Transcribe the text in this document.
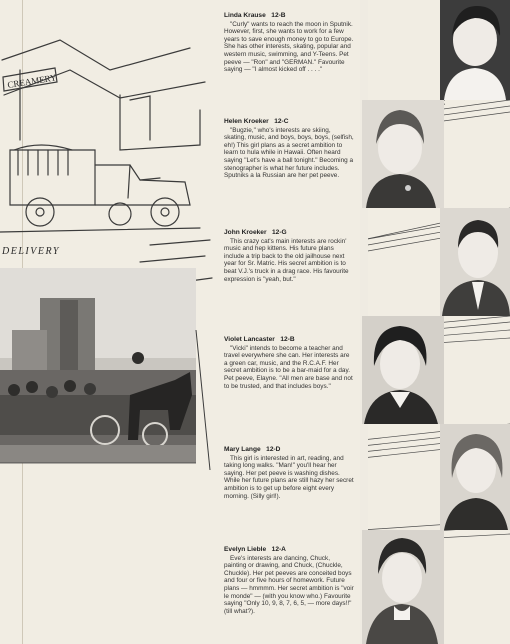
CREAMERY
DELIVERY
Linda Krause 12-B
"Curly" wants to reach the moon in Sputnik. However, first, she wants to work for a few years to save enough money to go to Europe. She has other interests, skating, popular and western music, swimming, and Y-Teens. Pet peeve — "Ron" and "GERMAN." Favourite saying — "I almost kicked off . . . ."
Helen Kroeker 12-C
"Bugzie," who's interests are skiing, skating, music, and boys, boys, boys, (selfish, eh!) This girl plans as a secret ambition to learn to hula while in Hawaii. Often heard saying "Let's have a ball tonight." Becoming a stenographer is what her future includes. Sputniks a la Russian are her pet peeve.
John Kroeker 12-G
This crazy cat's main interests are rockin' music and hep kittens. His future plans include a trip back to the old jailhouse next year for Sr. Matric. His secret ambition is to beat V.J.'s truck in a drag race. His favourite expression is "yeah, but."
Violet Lancaster 12-B
"Vicki" intends to become a teacher and travel everywhere she can. Her interests are a green car, music, and the R.C.A.F. Her secret ambition is to be a bar-maid for a day. Pet peeve, Elayne. "All men are base and not to be trusted, and that includes boys."
Mary Lange 12-D
This girl is interested in art, reading, and taking long walks. "Man!" you'll hear her saying. Her pet peeve is washing dishes. While her future plans are still hazy her secret ambition is to get up before eight every morning. (Silly girl!).
Evelyn Lieble 12-A
Eve's interests are dancing, Chuck, painting or drawing, and Chuck, (Chuckle, Chuckle). Her pet peeves are conceited boys and four or five hours of homework. Future plans — hmmmm. Her secret ambition is "voir le monde" — (with you know who.) Favourite saying "Only 10, 9, 8, 7, 6, 5, — more days!!" (till what?).
